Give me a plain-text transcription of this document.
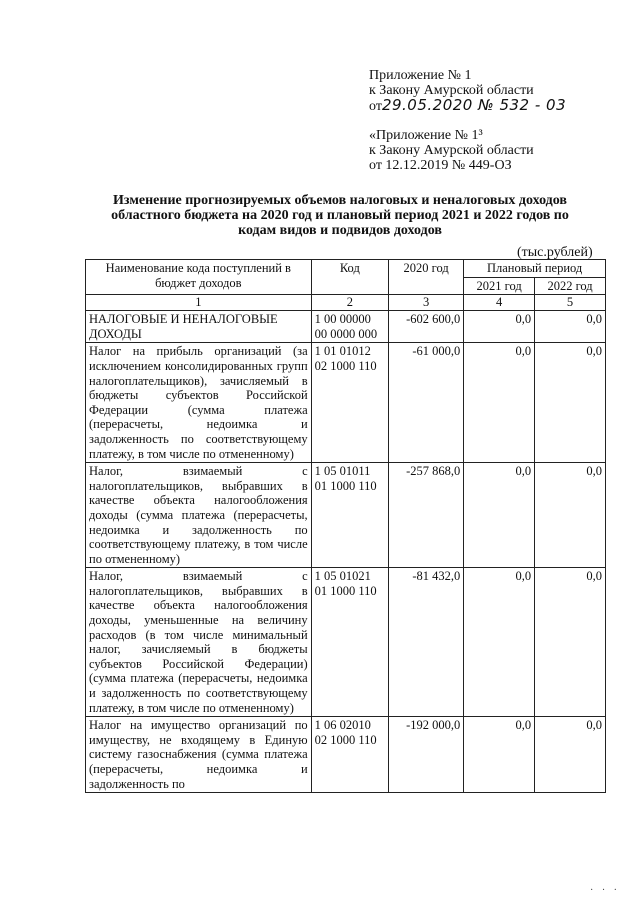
Приложение № 1
к Закону Амурской области
от29.05.2020 № 532 - 03
«Приложение № 1³
к Закону Амурской области
от 12.12.2019 № 449-ОЗ
Изменение прогнозируемых объемов налоговых и неналоговых доходов
областного бюджета на 2020 год и плановый период 2021 и 2022 годов по
кодам видов и подвидов доходов
(тыс.рублей)
Наименование кода поступлений в бюджет доходов	Код	2020 год	Плановый период	
			2021 год	2022 год
1	2	3	4	5
НАЛОГОВЫЕ И НЕНАЛОГОВЫЕ ДОХОДЫ	1 00 00000 00 0000 000	-602 600,0	0,0	0,0
Налог на прибыль организаций (за исключением консолидированных групп налогоплательщиков), зачисляемый в бюджеты субъектов Российской Федерации (сумма платежа (перерасчеты, недоимка и задолженность по соответствующему платежу, в том числе по отмененному)	1 01 01012 02 1000 110	-61 000,0	0,0	0,0
Налог, взимаемый с налогоплательщиков, выбравших в качестве объекта налогообложения доходы (сумма платежа (перерасчеты, недоимка и задолженность по соответствующему платежу, в том числе по отмененному)	1 05 01011 01 1000 110	-257 868,0	0,0	0,0
Налог, взимаемый с налогоплательщиков, выбравших в качестве объекта налогообложения доходы, уменьшенные на величину расходов (в том числе минимальный налог, зачисляемый в бюджеты субъектов Российской Федерации) (сумма платежа (перерасчеты, недоимка и задолженность по соответствующему платежу, в том числе по отмененному)	1 05 01021 01 1000 110	-81 432,0	0,0	0,0
Налог на имущество организаций по имуществу, не входящему в Единую систему газоснабжения (сумма платежа (перерасчеты, недоимка и задолженность по	1 06 02010 02 1000 110	-192 000,0	0,0	0,0
· · ·
